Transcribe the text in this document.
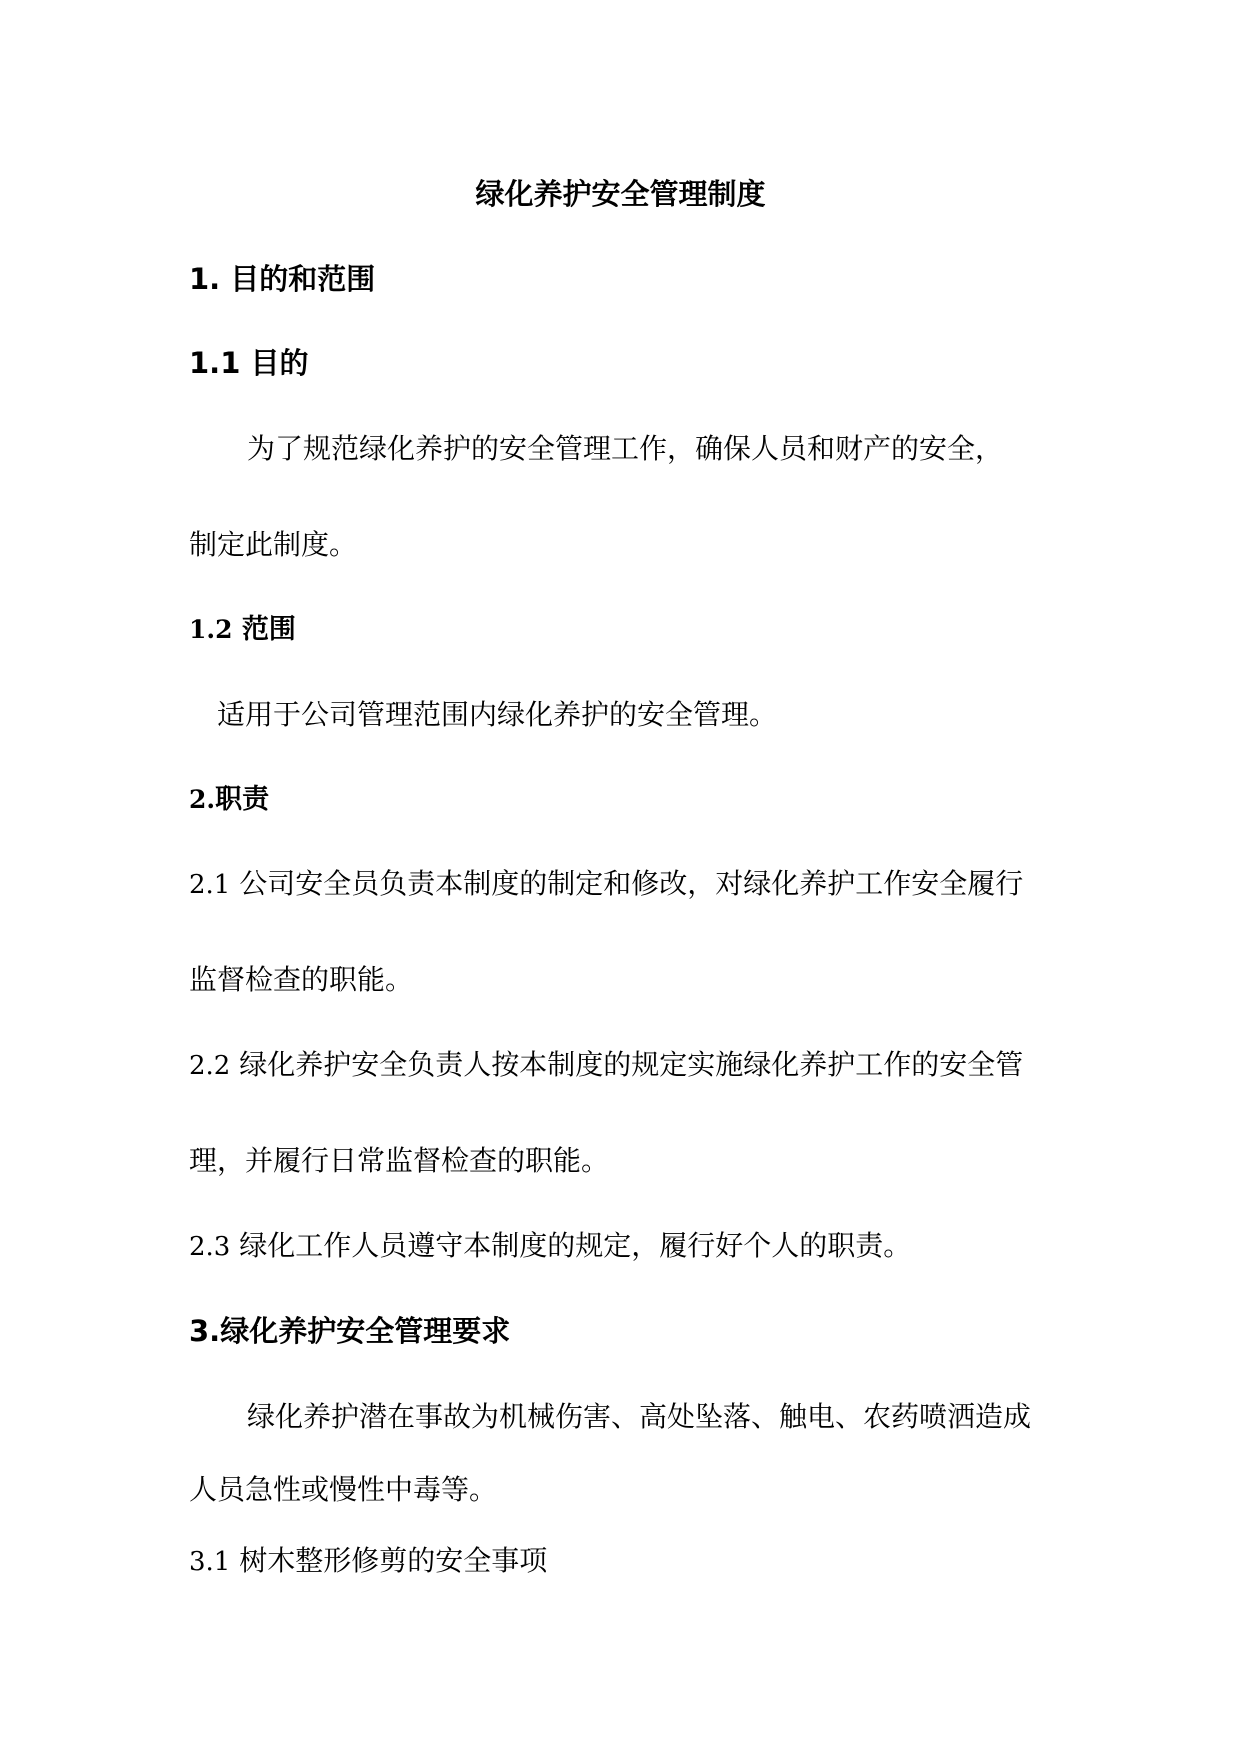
绿化养护安全管理制度
1. 目的和范围
1.1 目的
为了规范绿化养护的安全管理工作，确保人员和财产的安全，
制定此制度。
1.2 范围
适用于公司管理范围内绿化养护的安全管理。
2.职责
2.1 公司安全员负责本制度的制定和修改，对绿化养护工作安全履行
监督检查的职能。
2.2 绿化养护安全负责人按本制度的规定实施绿化养护工作的安全管
理，并履行日常监督检查的职能。
2.3 绿化工作人员遵守本制度的规定，履行好个人的职责。
3.绿化养护安全管理要求
绿化养护潜在事故为机械伤害、高处坠落、触电、农药喷洒造成
人员急性或慢性中毒等。
3.1 树木整形修剪的安全事项
